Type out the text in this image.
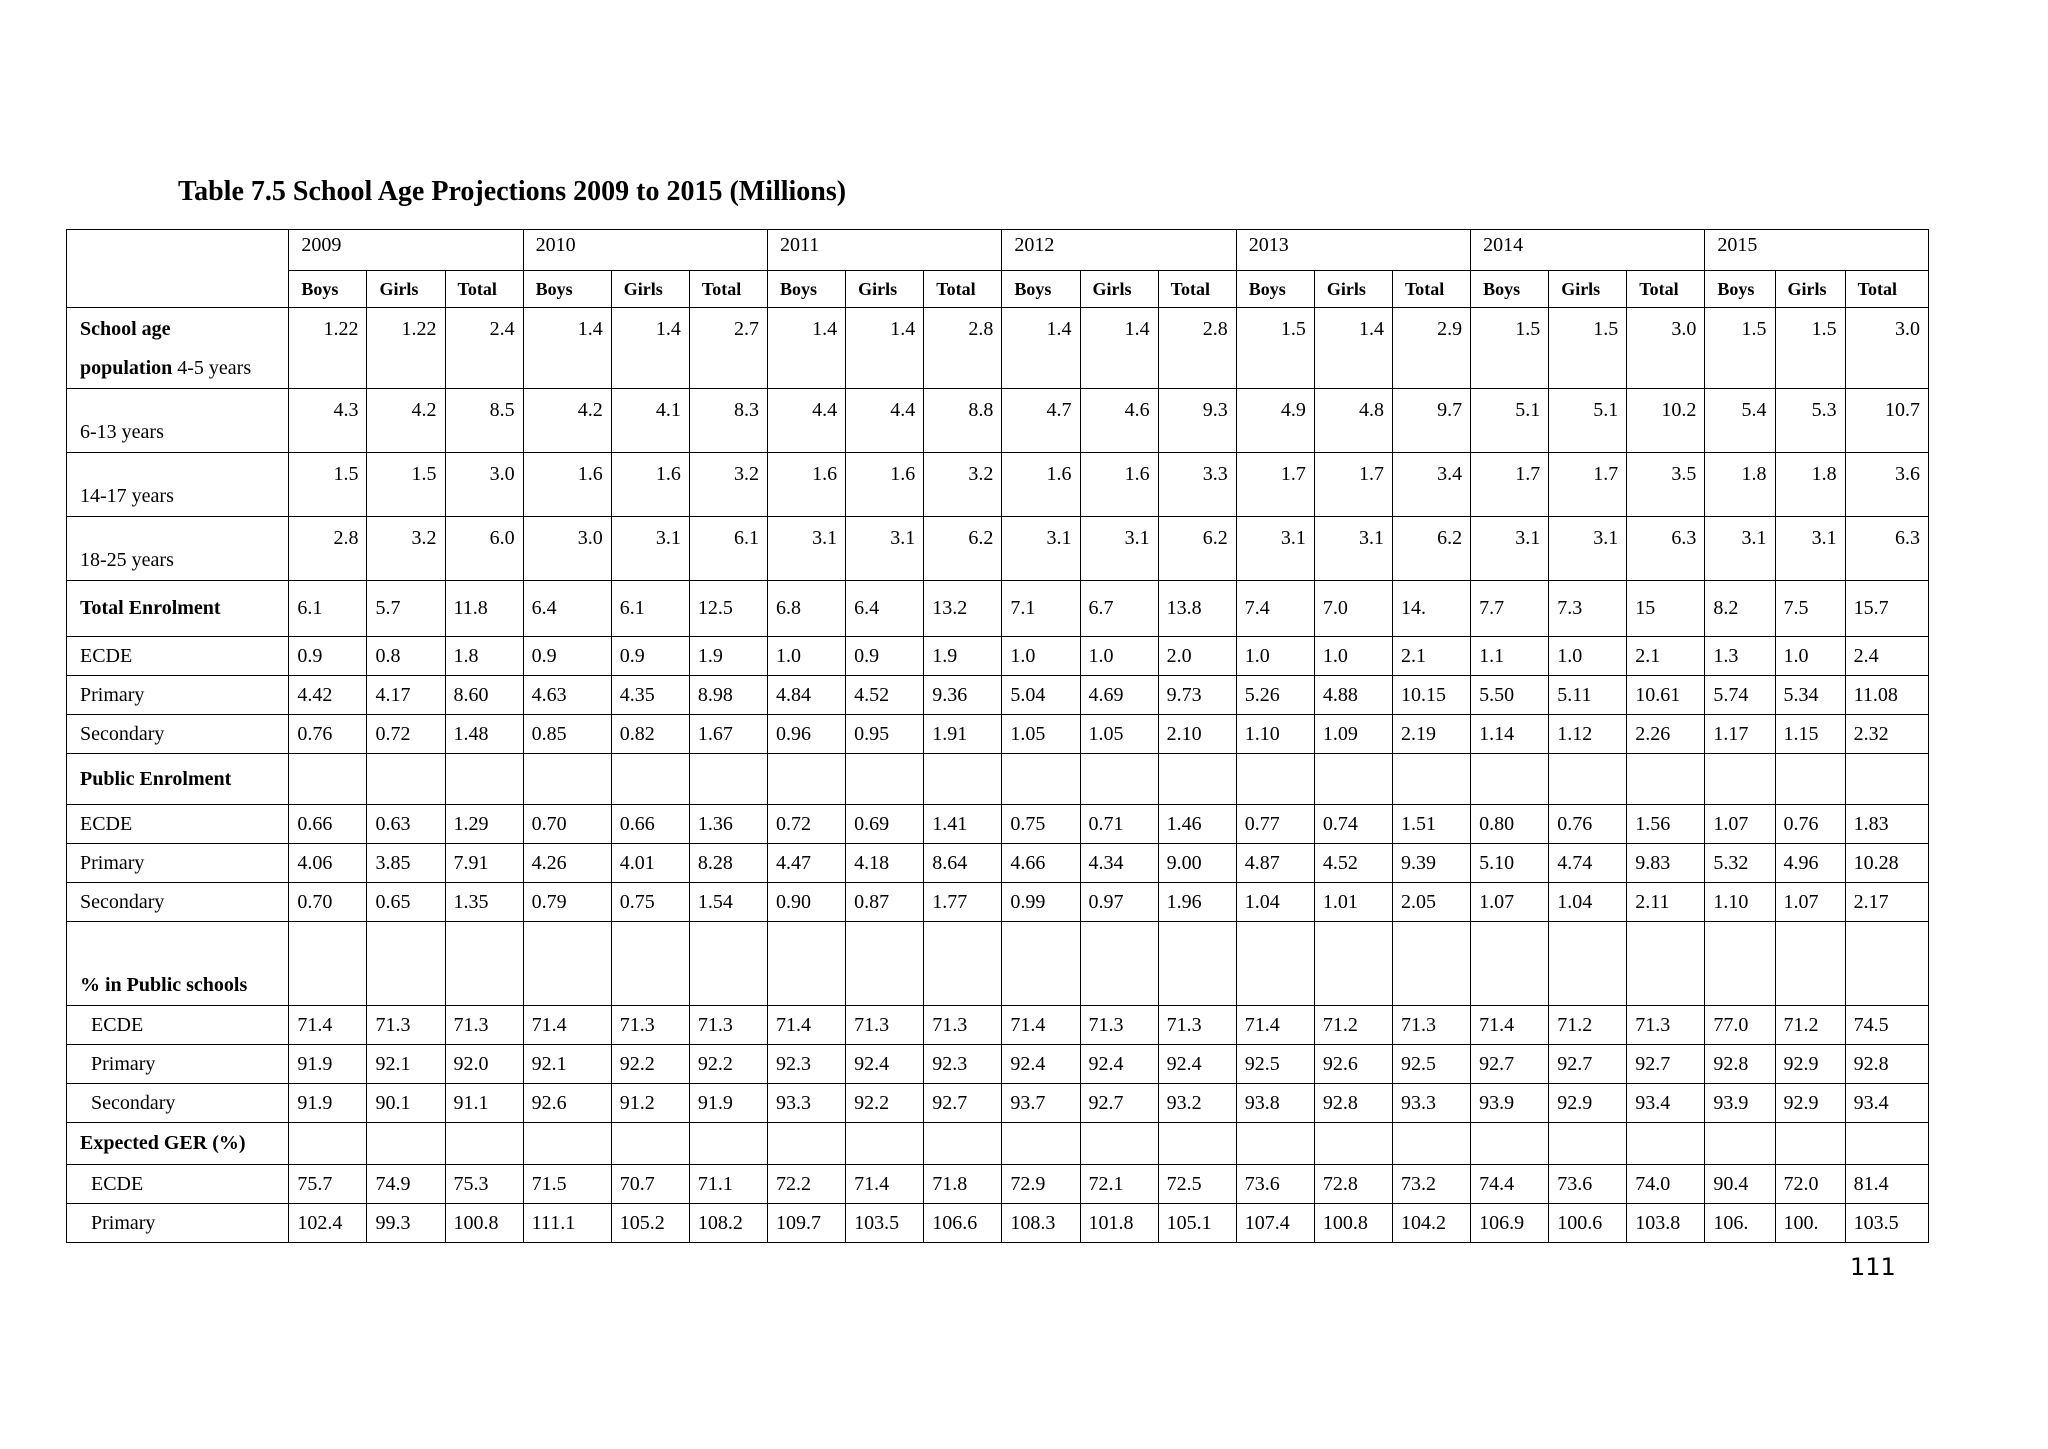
Table 7.5 School Age Projections 2009 to 2015 (Millions)
	2009			2010			2011			2012			2013			2014			2015		
	Boys	Girls	Total	Boys	Girls	Total	Boys	Girls	Total	Boys	Girls	Total	Boys	Girls	Total	Boys	Girls	Total	Boys	Girls	Total
School age
population 4-5 years	1.22	1.22	2.4	1.4	1.4	2.7	1.4	1.4	2.8	1.4	1.4	2.8	1.5	1.4	2.9	1.5	1.5	3.0	1.5	1.5	3.0
6-13 years	4.3	4.2	8.5	4.2	4.1	8.3	4.4	4.4	8.8	4.7	4.6	9.3	4.9	4.8	9.7	5.1	5.1	10.2	5.4	5.3	10.7
14-17 years	1.5	1.5	3.0	1.6	1.6	3.2	1.6	1.6	3.2	1.6	1.6	3.3	1.7	1.7	3.4	1.7	1.7	3.5	1.8	1.8	3.6
18-25 years	2.8	3.2	6.0	3.0	3.1	6.1	3.1	3.1	6.2	3.1	3.1	6.2	3.1	3.1	6.2	3.1	3.1	6.3	3.1	3.1	6.3
Total Enrolment	6.1	5.7	11.8	6.4	6.1	12.5	6.8	6.4	13.2	7.1	6.7	13.8	7.4	7.0	14.	7.7	7.3	15	8.2	7.5	15.7
ECDE	0.9	0.8	1.8	0.9	0.9	1.9	1.0	0.9	1.9	1.0	1.0	2.0	1.0	1.0	2.1	1.1	1.0	2.1	1.3	1.0	2.4
Primary	4.42	4.17	8.60	4.63	4.35	8.98	4.84	4.52	9.36	5.04	4.69	9.73	5.26	4.88	10.15	5.50	5.11	10.61	5.74	5.34	11.08
Secondary	0.76	0.72	1.48	0.85	0.82	1.67	0.96	0.95	1.91	1.05	1.05	2.10	1.10	1.09	2.19	1.14	1.12	2.26	1.17	1.15	2.32
Public Enrolment																					
ECDE	0.66	0.63	1.29	0.70	0.66	1.36	0.72	0.69	1.41	0.75	0.71	1.46	0.77	0.74	1.51	0.80	0.76	1.56	1.07	0.76	1.83
Primary	4.06	3.85	7.91	4.26	4.01	8.28	4.47	4.18	8.64	4.66	4.34	9.00	4.87	4.52	9.39	5.10	4.74	9.83	5.32	4.96	10.28
Secondary	0.70	0.65	1.35	0.79	0.75	1.54	0.90	0.87	1.77	0.99	0.97	1.96	1.04	1.01	2.05	1.07	1.04	2.11	1.10	1.07	2.17
% in Public schools																					
ECDE	71.4	71.3	71.3	71.4	71.3	71.3	71.4	71.3	71.3	71.4	71.3	71.3	71.4	71.2	71.3	71.4	71.2	71.3	77.0	71.2	74.5
Primary	91.9	92.1	92.0	92.1	92.2	92.2	92.3	92.4	92.3	92.4	92.4	92.4	92.5	92.6	92.5	92.7	92.7	92.7	92.8	92.9	92.8
Secondary	91.9	90.1	91.1	92.6	91.2	91.9	93.3	92.2	92.7	93.7	92.7	93.2	93.8	92.8	93.3	93.9	92.9	93.4	93.9	92.9	93.4
Expected GER (%)																					
ECDE	75.7	74.9	75.3	71.5	70.7	71.1	72.2	71.4	71.8	72.9	72.1	72.5	73.6	72.8	73.2	74.4	73.6	74.0	90.4	72.0	81.4
Primary	102.4	99.3	100.8	111.1	105.2	108.2	109.7	103.5	106.6	108.3	101.8	105.1	107.4	100.8	104.2	106.9	100.6	103.8	106.	100.	103.5
111
